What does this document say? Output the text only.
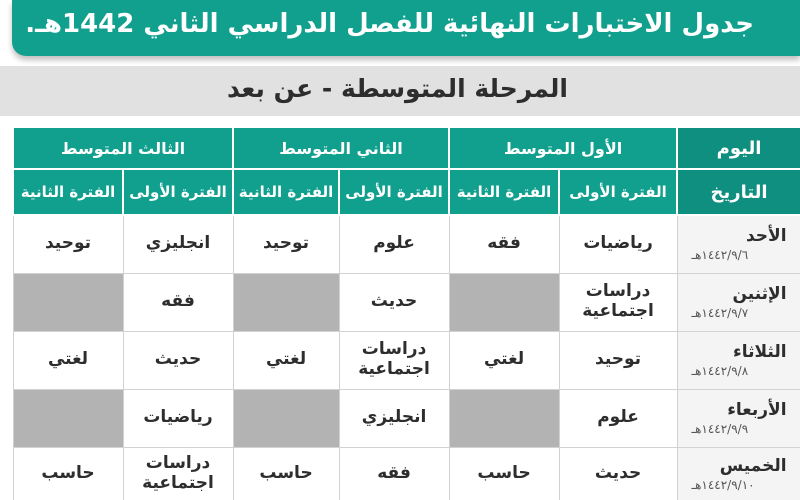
جدول الاختبارات النهائية للفصل الدراسي الثاني 1442هـ.
المرحلة المتوسطة - عن بعد
اليوم	الأول المتوسط		الثاني المتوسط		الثالث المتوسط	
التاريخ	الفترة الأولى	الفترة الثانية	الفترة الأولى	الفترة الثانية	الفترة الأولى	الفترة الثانية

الأحد
١٤٤٢/٩/٦هـ	رياضيات	فقه	علوم	توحيد	انجليزي	توحيد

الإثنين
١٤٤٢/٩/٧هـ	دراسات اجتماعية		حديث		فقه	

الثلاثاء
١٤٤٢/٩/٨هـ	توحيد	لغتي	دراسات اجتماعية	لغتي	حديث	لغتي

الأربعاء
١٤٤٢/٩/٩هـ	علوم		انجليزي		رياضيات	

الخميس
١٤٤٢/٩/١٠هـ	حديث	حاسب	فقه	حاسب	دراسات اجتماعية	حاسب
